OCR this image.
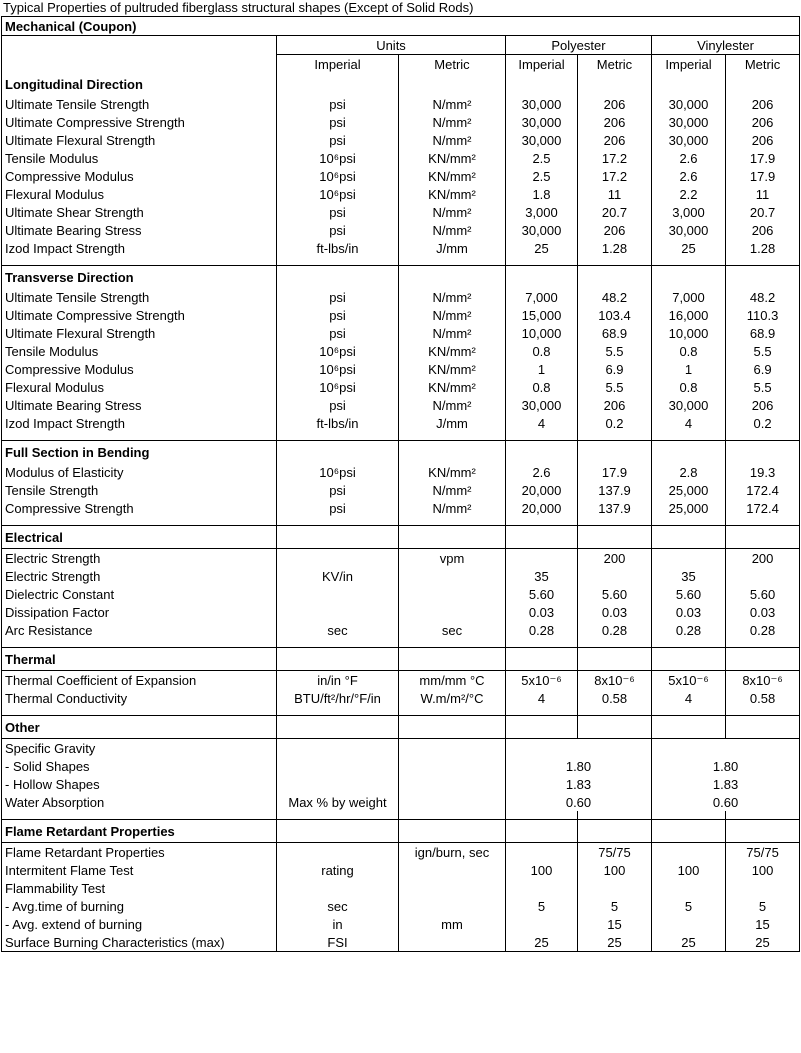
Typical Properties of pultruded fiberglass structural shapes (Except of Solid Rods)
Mechanical (Coupon)						
	Units		Polyester		Vinylester	
	Imperial	Metric	Imperial	Metric	Imperial	Metric
Longitudinal Direction						
Ultimate Tensile Strength	psi	N/mm²	30,000	206	30,000	206
Ultimate Compressive Strength	psi	N/mm²	30,000	206	30,000	206
Ultimate Flexural Strength	psi	N/mm²	30,000	206	30,000	206
Tensile Modulus	10⁶psi	KN/mm²	2.5	17.2	2.6	17.9
Compressive Modulus	10⁶psi	KN/mm²	2.5	17.2	2.6	17.9
Flexural Modulus	10⁶psi	KN/mm²	1.8	11	2.2	11
Ultimate Shear Strength	psi	N/mm²	3,000	20.7	3,000	20.7
Ultimate Bearing Stress	psi	N/mm²	30,000	206	30,000	206
Izod Impact Strength	ft-lbs/in	J/mm	25	1.28	25	1.28

Transverse Direction						
Ultimate Tensile Strength	psi	N/mm²	7,000	48.2	7,000	48.2
Ultimate Compressive Strength	psi	N/mm²	15,000	103.4	16,000	110.3
Ultimate Flexural Strength	psi	N/mm²	10,000	68.9	10,000	68.9
Tensile Modulus	10⁶psi	KN/mm²	0.8	5.5	0.8	5.5
Compressive Modulus	10⁶psi	KN/mm²	1	6.9	1	6.9
Flexural Modulus	10⁶psi	KN/mm²	0.8	5.5	0.8	5.5
Ultimate Bearing Stress	psi	N/mm²	30,000	206	30,000	206
Izod Impact Strength	ft-lbs/in	J/mm	4	0.2	4	0.2

Full Section in Bending						
Modulus of Elasticity	10⁶psi	KN/mm²	2.6	17.9	2.8	19.3
Tensile Strength	psi	N/mm²	20,000	137.9	25,000	172.4
Compressive Strength	psi	N/mm²	20,000	137.9	25,000	172.4

Electrical						
Electric Strength		vpm		200		200
Electric Strength	KV/in		35		35	
Dielectric Constant			5.60	5.60	5.60	5.60
Dissipation Factor			0.03	0.03	0.03	0.03
Arc Resistance	sec	sec	0.28	0.28	0.28	0.28

Thermal						
Thermal Coefficient of Expansion	in/in °F	mm/mm °C	5x10⁻⁶	8x10⁻⁶	5x10⁻⁶	8x10⁻⁶
Thermal Conductivity	BTU/ft²/hr/°F/in	W.m/m²/°C	4	0.58	4	0.58

Other						
Specific Gravity						
- Solid Shapes			1.80		1.80	
- Hollow Shapes			1.83		1.83	
Water Absorption	Max % by weight		0.60		0.60	

Flame Retardant Properties						
Flame Retardant Properties		ign/burn, sec		75/75		75/75
Intermitent Flame Test	rating		100	100	100	100
Flammability Test						
- Avg.time of burning	sec		5	5	5	5
- Avg. extend of burning	in	mm		15		15
Surface Burning Characteristics (max)	FSI		25	25	25	25
